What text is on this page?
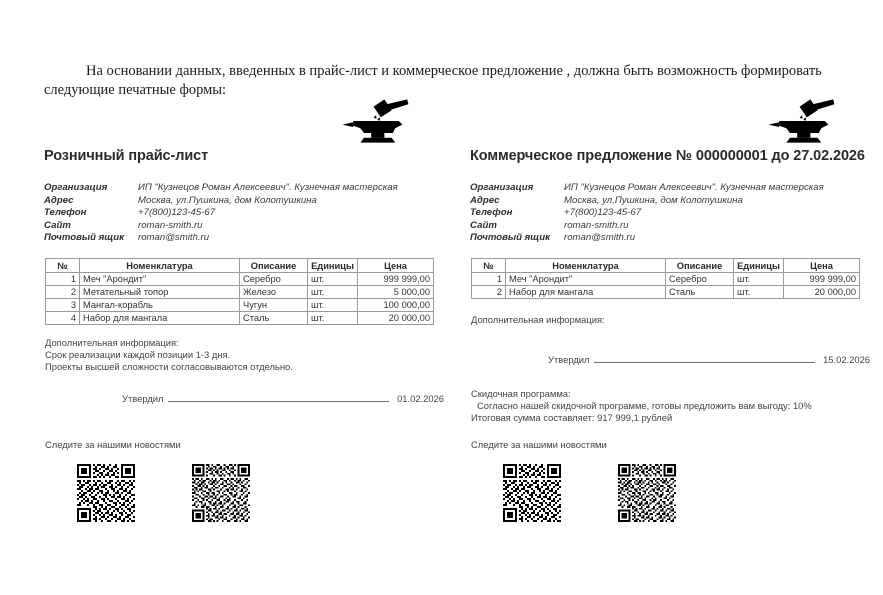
На основании данных, введенных в прайс-лист и коммерческое предложение , должна быть возможность формировать следующие печатные формы:
Розничный прайс-лист
Организация	ИП "Кузнецов Роман Алексеевич". Кузнечная мастерская
Адрес	Москва, ул.Пушкина, дом Колотушкина
Телефон	+7(800)123-45-67
Сайт	roman-smith.ru
Почтовый ящик	roman@smith.ru
№	Номенклатура	Описание	Единицы	Цена
1	Меч "Арондит"	Серебро	шт.	999 999,00
2	Метательный топор	Железо	шт.	5 000,00
3	Мангал-корабль	Чугун	шт.	100 000,00
4	Набор для мангала	Сталь	шт.	20 000,00
Дополнительная информация:
Срок реализации каждой позиции 1-3 дня.
Проекты высшей сложности согласовываются отдельно.
Утвердил	01.02.2026
Следите за нашими новостями
Коммерческое предложение № 000000001 до 27.02.2026
Организация	ИП "Кузнецов Роман Алексеевич". Кузнечная мастерская
Адрес	Москва, ул.Пушкина, дом Колотушкина
Телефон	+7(800)123-45-67
Сайт	roman-smith.ru
Почтовый ящик	roman@smith.ru
№	Номенклатура	Описание	Единицы	Цена
1	Меч "Арондит"	Серебро	шт.	999 999,00
2	Набор для мангала	Сталь	шт.	20 000,00
Дополнительная информация:
Утвердил	15.02.2026
Скидочная программа:
Согласно нашей скидочной программе, готовы предложить вам выгоду: 10%
Итоговая сумма составляет: 917 999,1 рублей
Следите за нашими новостями
